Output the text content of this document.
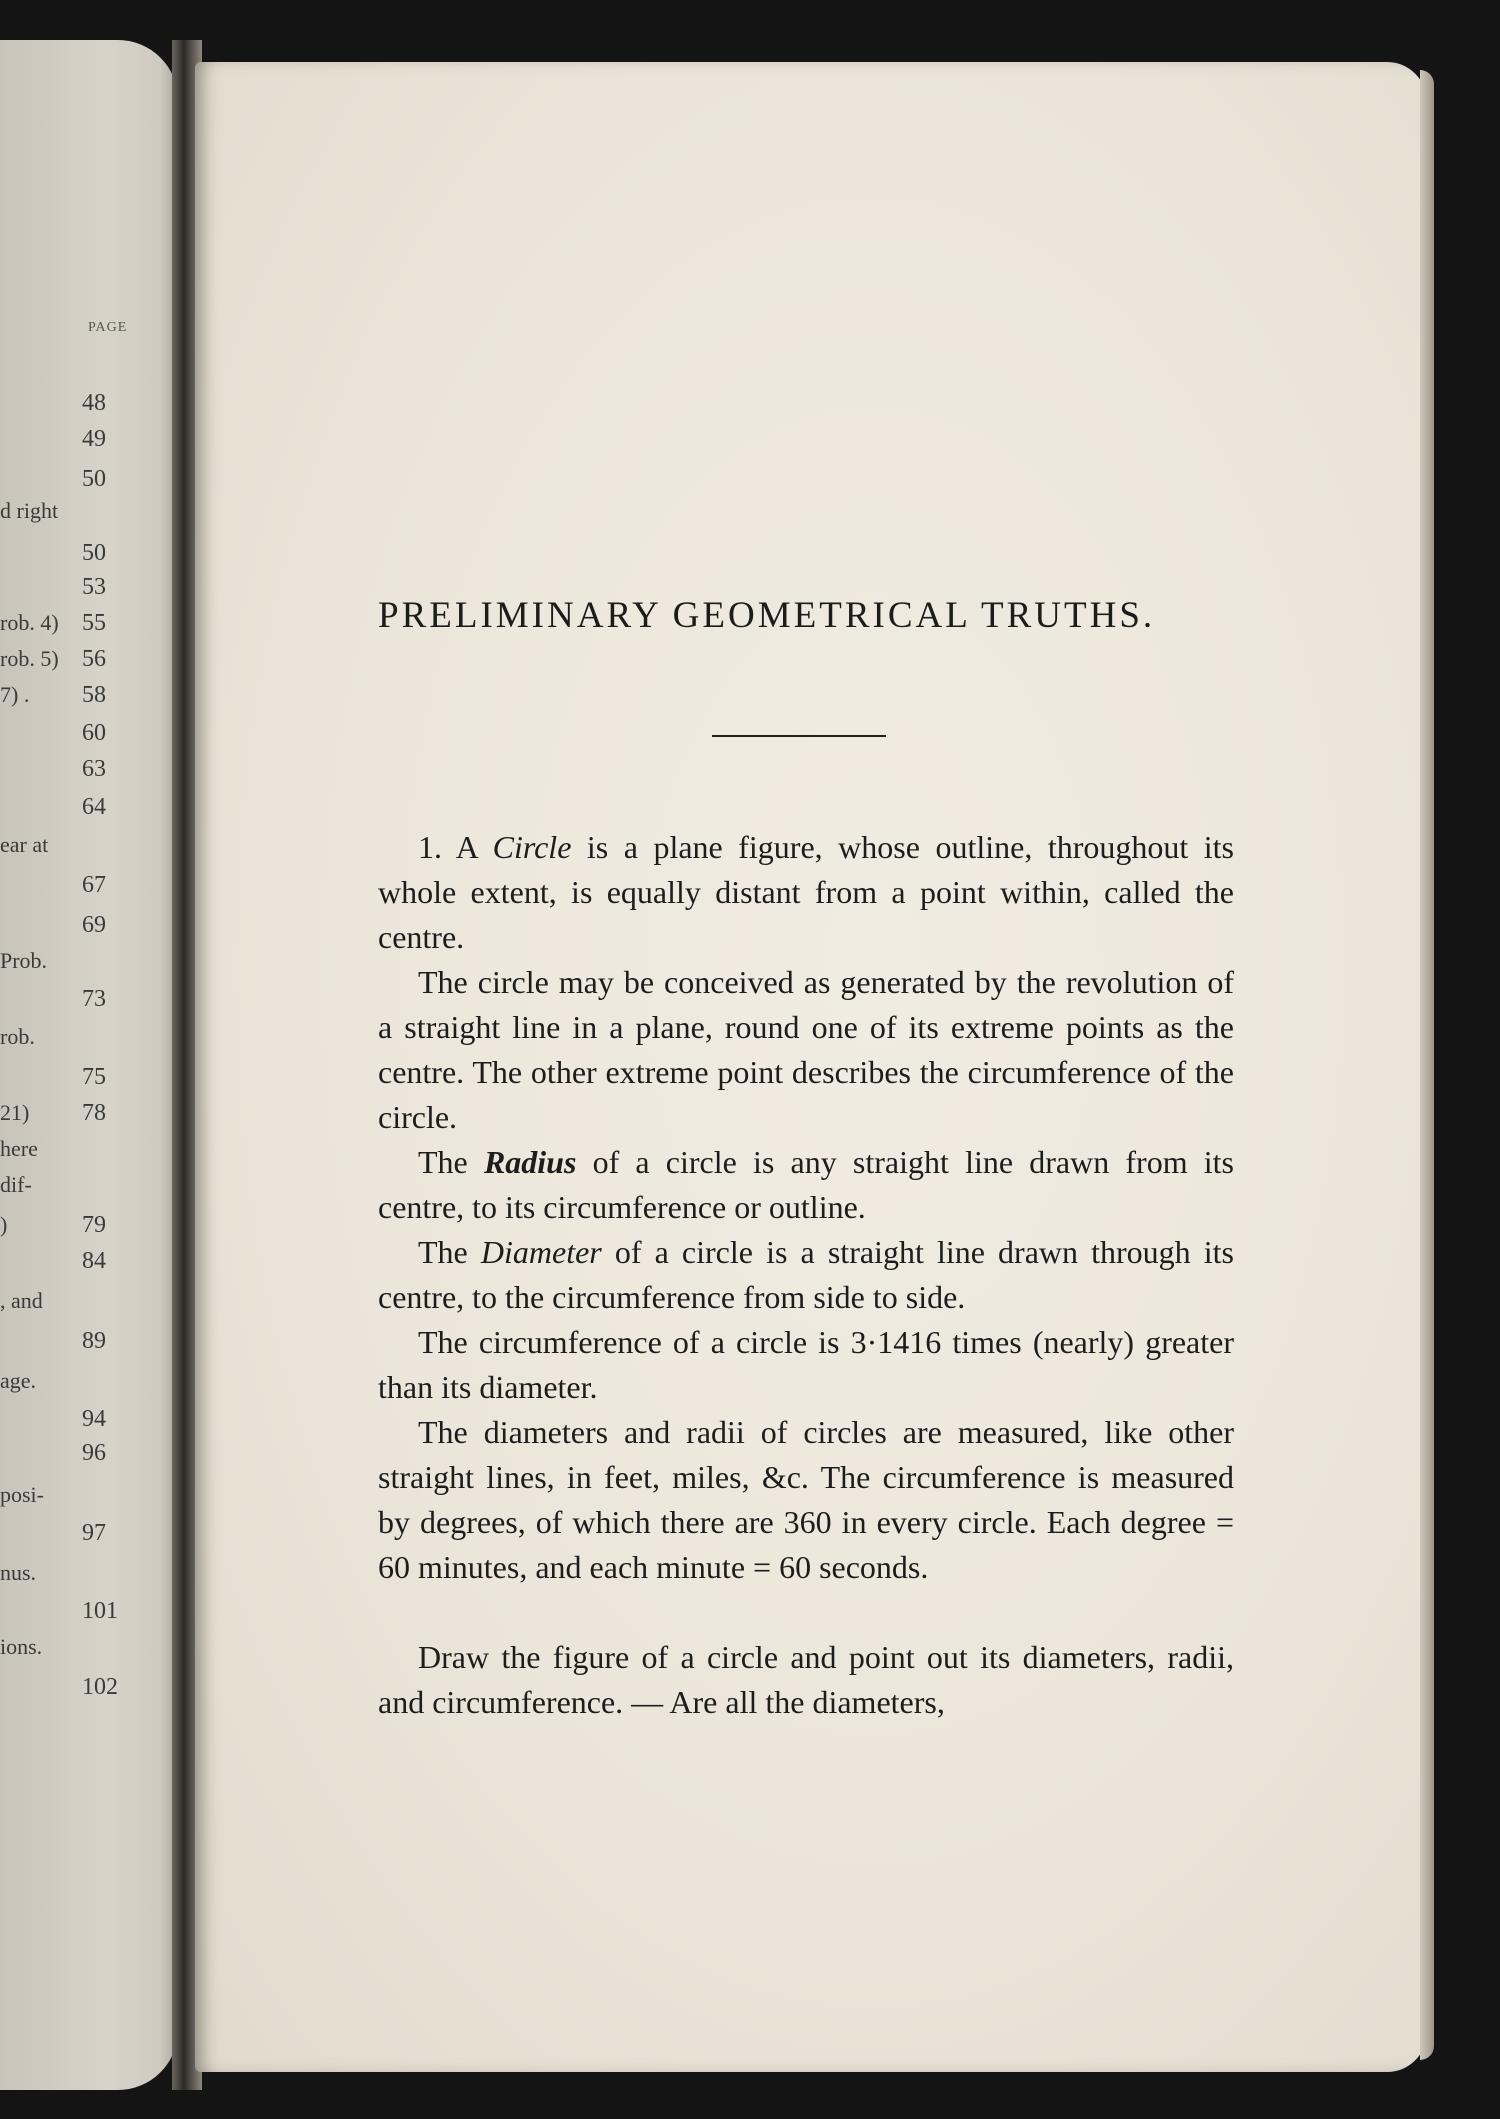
PAGE
48
49
50
d right
50
53
rob. 4) 55
rob. 5) 56
7) . 58
60
63
64
ear at
67
69
Prob.
73
rob.
75
21) 78
here
dif-
)	79
84
, and
89
age.
94
96
posi-
97
nus.
101
ions.
102
PRELIMINARY GEOMETRICAL TRUTHS.

1. A Circle is a plane figure, whose outline, throughout its whole extent, is equally distant from a point within, called the centre.

The circle may be conceived as generated by the revolution of a straight line in a plane, round one of its extreme points as the centre. The other extreme point describes the circumference of the circle.

The Radius of a circle is any straight line drawn from its centre, to its circumference or outline.

The Diameter of a circle is a straight line drawn through its centre, to the circumference from side to side.

The circumference of a circle is 3·1416 times (nearly) greater than its diameter.

The diameters and radii of circles are measured, like other straight lines, in feet, miles, &c. The circumference is measured by degrees, of which there are 360 in every circle. Each degree = 60 minutes, and each minute = 60 seconds.

Draw the figure of a circle and point out its diameters, radii, and circumference. — Are all the diameters,
